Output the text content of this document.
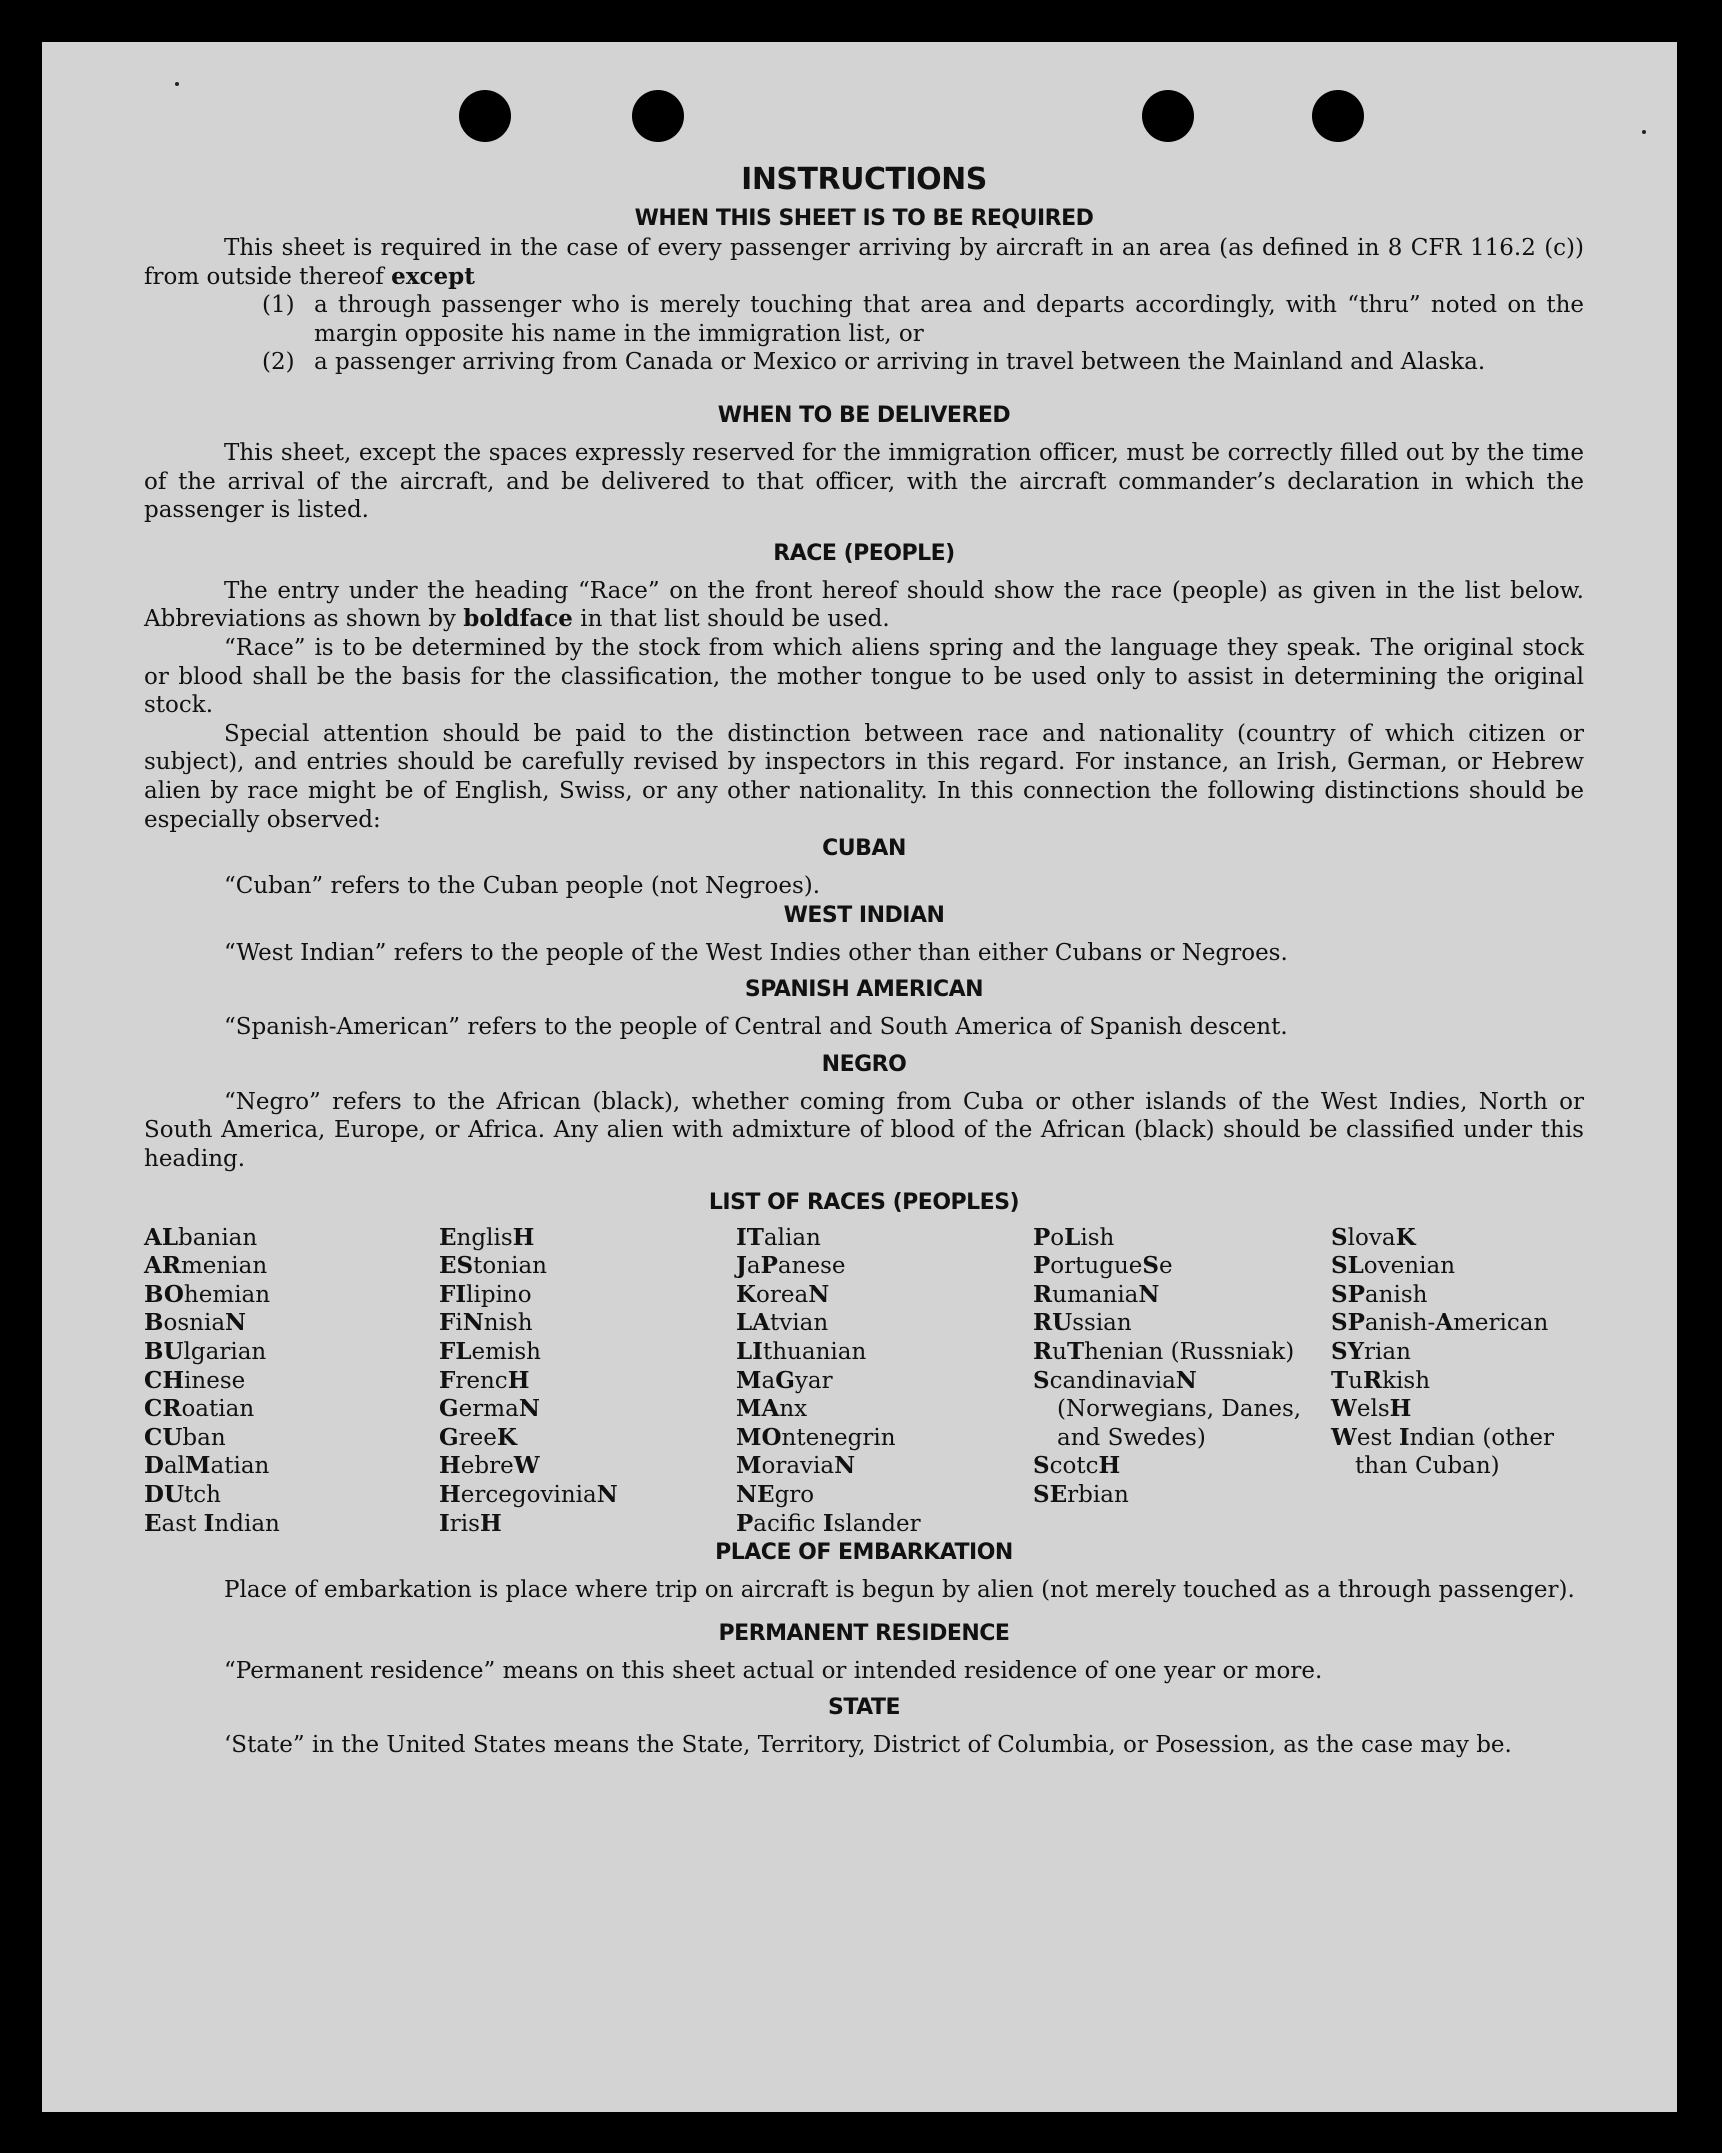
INSTRUCTIONS
WHEN THIS SHEET IS TO BE REQUIRED

This sheet is required in the case of every passenger arriving by aircraft in an area (as defined in 8 CFR 116.2 (c)) from outside thereof except

(1) a through passenger who is merely touching that area and departs accordingly, with “thru” noted on the margin opposite his name in the immigration list, or
(2) a passenger arriving from Canada or Mexico or arriving in travel between the Mainland and Alaska.
WHEN TO BE DELIVERED

This sheet, except the spaces expressly reserved for the immigration officer, must be correctly filled out by the time of the arrival of the aircraft, and be delivered to that officer, with the aircraft commander’s declaration in which the passenger is listed.

RACE (PEOPLE)

The entry under the heading “Race” on the front hereof should show the race (people) as given in the list below. Abbreviations as shown by boldface in that list should be used.

“Race” is to be determined by the stock from which aliens spring and the language they speak. The original stock or blood shall be the basis for the classification, the mother tongue to be used only to assist in determining the original stock.

Special attention should be paid to the distinction between race and nationality (country of which citizen or subject), and entries should be carefully revised by inspectors in this regard. For instance, an Irish, German, or Hebrew alien by race might be of English, Swiss, or any other nationality. In this connection the following distinctions should be especially observed:

CUBAN

“Cuban” refers to the Cuban people (not Negroes).

WEST INDIAN

“West Indian” refers to the people of the West Indies other than either Cubans or Negroes.

SPANISH AMERICAN

“Spanish-American” refers to the people of Central and South America of Spanish descent.

NEGRO

“Negro” refers to the African (black), whether coming from Cuba or other islands of the West Indies, North or South America, Europe, or Africa. Any alien with admixture of blood of the African (black) should be classified under this heading.

LIST OF RACES (PEOPLES)
ALbanian
ARmenian
BOhemian
BosniaN
BUlgarian
CHinese
CRoatian
CUban
DalMatian
DUtch
East Indian
EnglisH
EStonian
FIlipino
FiNnish
FLemish
FrencH
GermaN
GreeK
HebreW
HercegoviniaN
IrisH
ITalian
JaPanese
KoreaN
LAtvian
LIthuanian
MaGyar
MAnx
MOntenegrin
MoraviaN
NEgro
Pacifc Islander
PoLish
PortugueSe
RumaniaN
RUssian
RuThenian (Russniak)
ScandinaviaN (Norwegians, Danes, and Swedes)
ScotcH
SErbian
SlovaK
SLovenian
SPanish
SPanish-American
SYrian
TuRkish
WelsH
West Indian (other than Cuban)
PLACE OF EMBARKATION

Place of embarkation is place where trip on aircraft is begun by alien (not merely touched as a through passenger).

PERMANENT RESIDENCE

“Permanent residence” means on this sheet actual or intended residence of one year or more.

STATE

‘State” in the United States means the State, Territory, District of Columbia, or Posession, as the case may be.
